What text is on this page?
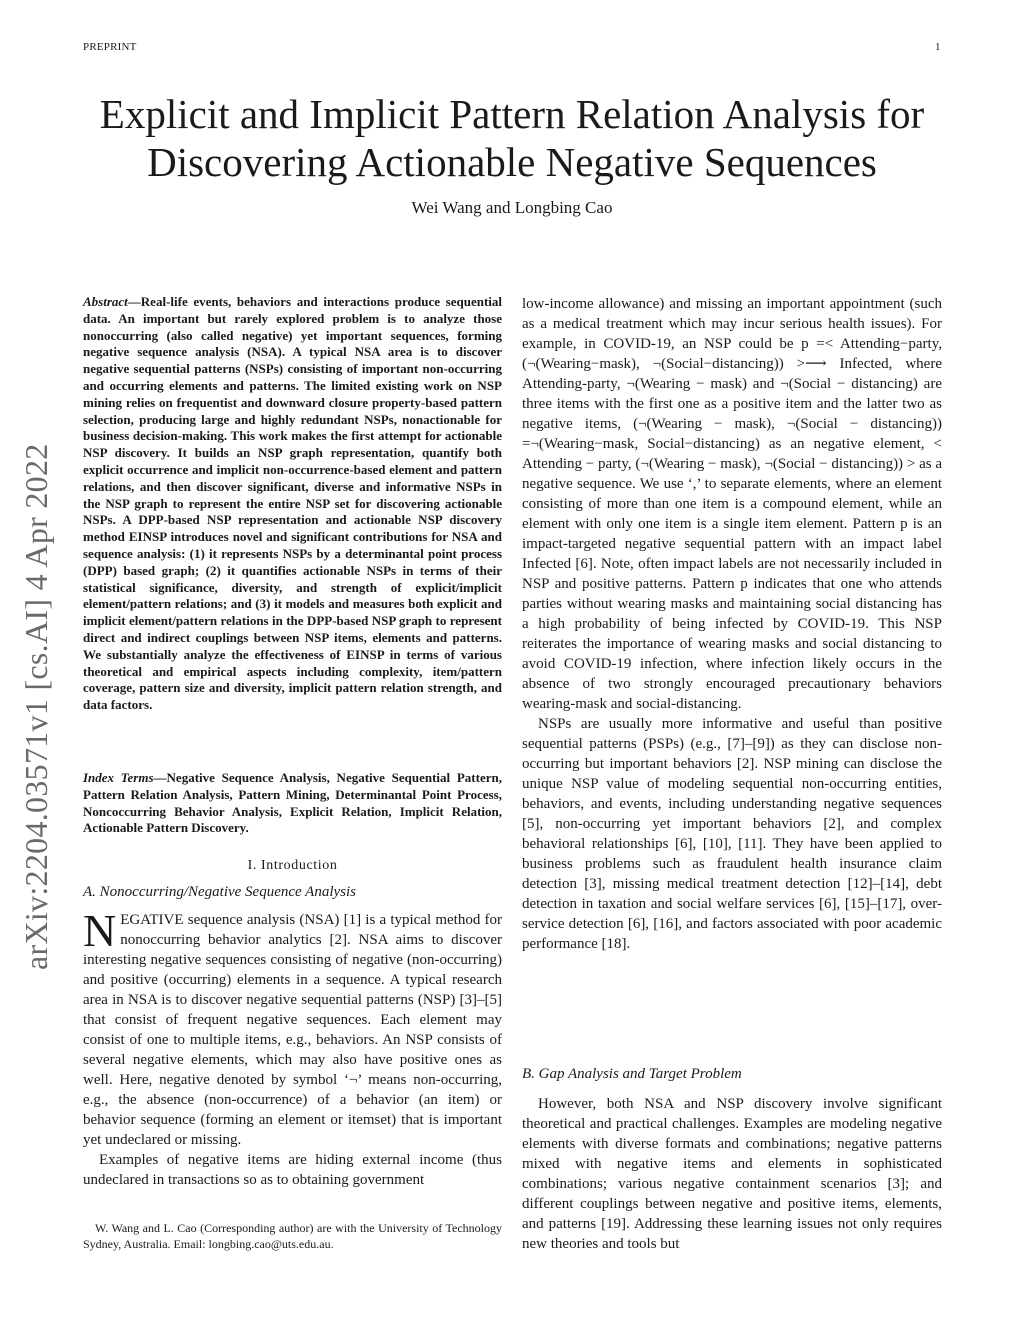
PREPRINT	1
Explicit and Implicit Pattern Relation Analysis for
Discovering Actionable Negative Sequences
Wei Wang and Longbing Cao
arXiv:2204.03571v1 [cs.AI] 4 Apr 2022
Abstract—Real-life events, behaviors and interactions produce sequential data. An important but rarely explored problem is to analyze those nonoccurring (also called negative) yet important sequences, forming negative sequence analysis (NSA). A typical NSA area is to discover negative sequential patterns (NSPs) consisting of important non-occurring and occurring elements and patterns. The limited existing work on NSP mining relies on frequentist and downward closure property-based pattern selection, producing large and highly redundant NSPs, nonactionable for business decision-making. This work makes the first attempt for actionable NSP discovery. It builds an NSP graph representation, quantify both explicit occurrence and implicit non-occurrence-based element and pattern relations, and then discover significant, diverse and informative NSPs in the NSP graph to represent the entire NSP set for discovering actionable NSPs. A DPP-based NSP representation and actionable NSP discovery method EINSP introduces novel and significant contributions for NSA and sequence analysis: (1) it represents NSPs by a determinantal point process (DPP) based graph; (2) it quantifies actionable NSPs in terms of their statistical significance, diversity, and strength of explicit/implicit element/pattern relations; and (3) it models and measures both explicit and implicit element/pattern relations in the DPP-based NSP graph to represent direct and indirect couplings between NSP items, elements and patterns. We substantially analyze the effectiveness of EINSP in terms of various theoretical and empirical aspects including complexity, item/pattern coverage, pattern size and diversity, implicit pattern relation strength, and data factors.
Index Terms—Negative Sequence Analysis, Negative Sequential Pattern, Pattern Relation Analysis, Pattern Mining, Determinantal Point Process, Noncoccurring Behavior Analysis, Explicit Relation, Implicit Relation, Actionable Pattern Discovery.
I. Introduction
A. Nonoccurring/Negative Sequence Analysis

NEGATIVE sequence analysis (NSA) [1] is a typical method for nonoccurring behavior analytics [2]. NSA aims to discover interesting negative sequences consisting of negative (non-occurring) and positive (occurring) elements in a sequence. A typical research area in NSA is to discover negative sequential patterns (NSP) [3]–[5] that consist of frequent negative sequences. Each element may consist of one to multiple items, e.g., behaviors. An NSP consists of several negative elements, which may also have positive ones as well. Here, negative denoted by symbol ‘¬’ means non-occurring, e.g., the absence (non-occurrence) of a behavior (an item) or behavior sequence (forming an element or itemset) that is important yet undeclared or missing.

Examples of negative items are hiding external income (thus undeclared in transactions so as to obtaining government

W. Wang and L. Cao (Corresponding author) are with the University of Technology Sydney, Australia. Email: longbing.cao@uts.edu.au.

low-income allowance) and missing an important appointment (such as a medical treatment which may incur serious health issues). For example, in COVID-19, an NSP could be p =< Attending−party, (¬(Wearing−mask), ¬(Social−distancing)) >⟶ Infected, where Attending-party, ¬(Wearing − mask) and ¬(Social − distancing) are three items with the first one as a positive item and the latter two as negative items, (¬(Wearing − mask), ¬(Social − distancing)) =¬(Wearing−mask, Social−distancing) as an negative element, < Attending − party, (¬(Wearing − mask), ¬(Social − distancing)) > as a negative sequence. We use ‘,’ to separate elements, where an element consisting of more than one item is a compound element, while an element with only one item is a single item element. Pattern p is an impact-targeted negative sequential pattern with an impact label Infected [6]. Note, often impact labels are not necessarily included in NSP and positive patterns. Pattern p indicates that one who attends parties without wearing masks and maintaining social distancing has a high probability of being infected by COVID-19. This NSP reiterates the importance of wearing masks and social distancing to avoid COVID-19 infection, where infection likely occurs in the absence of two strongly encouraged precautionary behaviors wearing-mask and social-distancing.

NSPs are usually more informative and useful than positive sequential patterns (PSPs) (e.g., [7]–[9]) as they can disclose non-occurring but important behaviors [2]. NSP mining can disclose the unique NSP value of modeling sequential non-occurring entities, behaviors, and events, including understanding negative sequences [5], non-occurring yet important behaviors [2], and complex behavioral relationships [6], [10], [11]. They have been applied to business problems such as fraudulent health insurance claim detection [3], missing medical treatment detection [12]–[14], debt detection in taxation and social welfare services [6], [15]–[17], over-service detection [6], [16], and factors associated with poor academic performance [18].

B. Gap Analysis and Target Problem

However, both NSA and NSP discovery involve significant theoretical and practical challenges. Examples are modeling negative elements with diverse formats and combinations; negative patterns mixed with negative items and elements in sophisticated combinations; various negative containment scenarios [3]; and different couplings between negative and positive items, elements, and patterns [19]. Addressing these learning issues not only requires new theories and tools but
